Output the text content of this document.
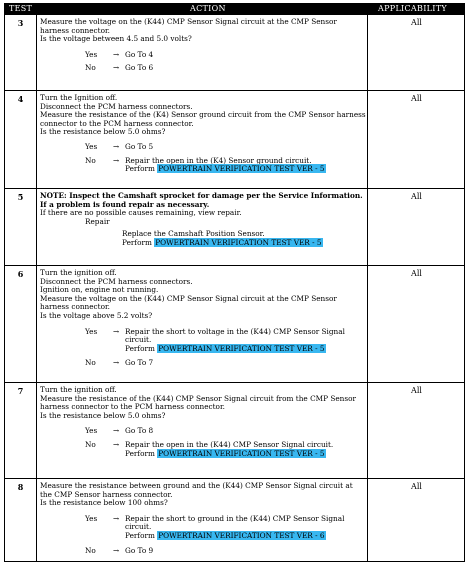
TEST	ACTION	APPLICABILITY
3	Measure the voltage on the (K44) CMP Sensor Signal circuit at the CMP Sensor harness connector.

Is the voltage between 4.5 and 5.0 volts?

Yes	→ Go To 4
No	→ Go To 6
All
4	Turn the Ignition off.

Disconnect the PCM harness connectors.

Measure the resistance of the (K4) Sensor ground circuit from the CMP Sensor harness connector to the PCM harness connector.

Is the resistance below 5.0 ohms?

Yes	→ Go To 5
No	→ Repair the open in the (K4) Sensor ground circuit.
Perform POWERTRAIN VERIFICATION TEST VER - 5
All
5	NOTE: Inspect the Camshaft sprocket for damage per the Service Information. If a problem is found repair as necessary.

If there are no possible causes remaining, view repair.

Repair

Replace the Camshaft Position Sensor.

Perform POWERTRAIN VERIFICATION TEST VER - 5

All
6	Turn the ignition off.

Disconnect the PCM harness connectors.

Ignition on, engine not running.

Measure the voltage on the (K44) CMP Sensor Signal circuit at the CMP Sensor harness connector.

Is the voltage above 5.2 volts?

Yes	→ Repair the short to voltage in the (K44) CMP Sensor Signal circuit.
Perform POWERTRAIN VERIFICATION TEST VER - 5
No	→ Go To 7
All
7	Turn the ignition off.

Measure the resistance of the (K44) CMP Sensor Signal circuit from the CMP Sensor harness connector to the PCM harness connector.

Is the resistance below 5.0 ohms?

Yes	→ Go To 8
No	→ Repair the open in the (K44) CMP Sensor Signal circuit.
Perform POWERTRAIN VERIFICATION TEST VER - 5
All
8	Measure the resistance between ground and the (K44) CMP Sensor Signal circuit at the CMP Sensor harness connector.

Is the resistance below 100 ohms?

Yes	→ Repair the short to ground in the (K44) CMP Sensor Signal circuit.
Perform POWERTRAIN VERIFICATION TEST VER - 6
No	→ Go To 9
All
